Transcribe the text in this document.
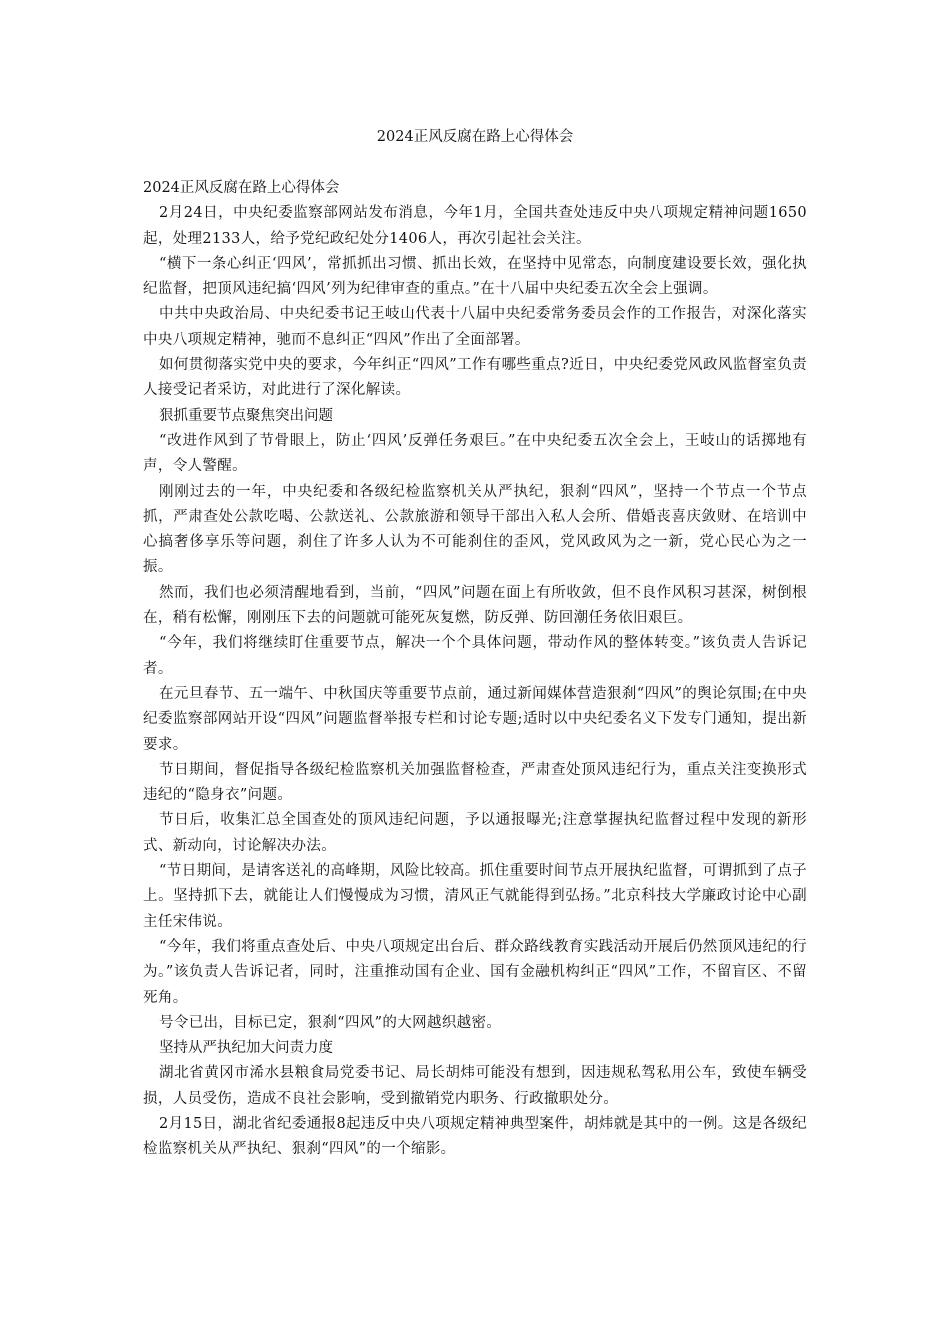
2024正风反腐在路上心得体会

2024正风反腐在路上心得体会

2月24日，中央纪委监察部网站发布消息，今年1月，全国共查处违反中央八项规定精神问题1650起，处理2133人，给予党纪政纪处分1406人，再次引起社会关注。

“横下一条心纠正‘四风’，常抓抓出习惯、抓出长效，在坚持中见常态，向制度建设要长效，强化执纪监督，把顶风违纪搞‘四风’列为纪律审查的重点。”在十八届中央纪委五次全会上强调。

中共中央政治局、中央纪委书记王岐山代表十八届中央纪委常务委员会作的工作报告，对深化落实中央八项规定精神，驰而不息纠正“四风”作出了全面部署。

如何贯彻落实党中央的要求，今年纠正“四风”工作有哪些重点?近日，中央纪委党风政风监督室负责人接受记者采访，对此进行了深化解读。

狠抓重要节点聚焦突出问题

“改进作风到了节骨眼上，防止‘四风’反弹任务艰巨。”在中央纪委五次全会上，王岐山的话掷地有声，令人警醒。

刚刚过去的一年，中央纪委和各级纪检监察机关从严执纪，狠刹“四风”，坚持一个节点一个节点抓，严肃查处公款吃喝、公款送礼、公款旅游和领导干部出入私人会所、借婚丧喜庆敛财、在培训中心搞奢侈享乐等问题，刹住了许多人认为不可能刹住的歪风，党风政风为之一新，党心民心为之一振。

然而，我们也必须清醒地看到，当前，“四风”问题在面上有所收敛，但不良作风积习甚深，树倒根在，稍有松懈，刚刚压下去的问题就可能死灰复燃，防反弹、防回潮任务依旧艰巨。

“今年，我们将继续盯住重要节点，解决一个个具体问题，带动作风的整体转变。”该负责人告诉记者。

在元旦春节、五一端午、中秋国庆等重要节点前，通过新闻媒体营造狠刹“四风”的舆论氛围;在中央纪委监察部网站开设“四风”问题监督举报专栏和讨论专题;适时以中央纪委名义下发专门通知，提出新要求。

节日期间，督促指导各级纪检监察机关加强监督检查，严肃查处顶风违纪行为，重点关注变换形式违纪的“隐身衣”问题。

节日后，收集汇总全国查处的顶风违纪问题，予以通报曝光;注意掌握执纪监督过程中发现的新形式、新动向，讨论解决办法。

“节日期间，是请客送礼的高峰期，风险比较高。抓住重要时间节点开展执纪监督，可谓抓到了点子上。坚持抓下去，就能让人们慢慢成为习惯，清风正气就能得到弘扬。”北京科技大学廉政讨论中心副主任宋伟说。

“今年，我们将重点查处后、中央八项规定出台后、群众路线教育实践活动开展后仍然顶风违纪的行为。”该负责人告诉记者，同时，注重推动国有企业、国有金融机构纠正“四风”工作，不留盲区、不留死角。

号令已出，目标已定，狠刹“四风”的大网越织越密。

坚持从严执纪加大问责力度

湖北省黄冈市浠水县粮食局党委书记、局长胡炜可能没有想到，因违规私驾私用公车，致使车辆受损，人员受伤，造成不良社会影响，受到撤销党内职务、行政撤职处分。

2月15日，湖北省纪委通报8起违反中央八项规定精神典型案件，胡炜就是其中的一例。这是各级纪检监察机关从严执纪、狠刹“四风”的一个缩影。
